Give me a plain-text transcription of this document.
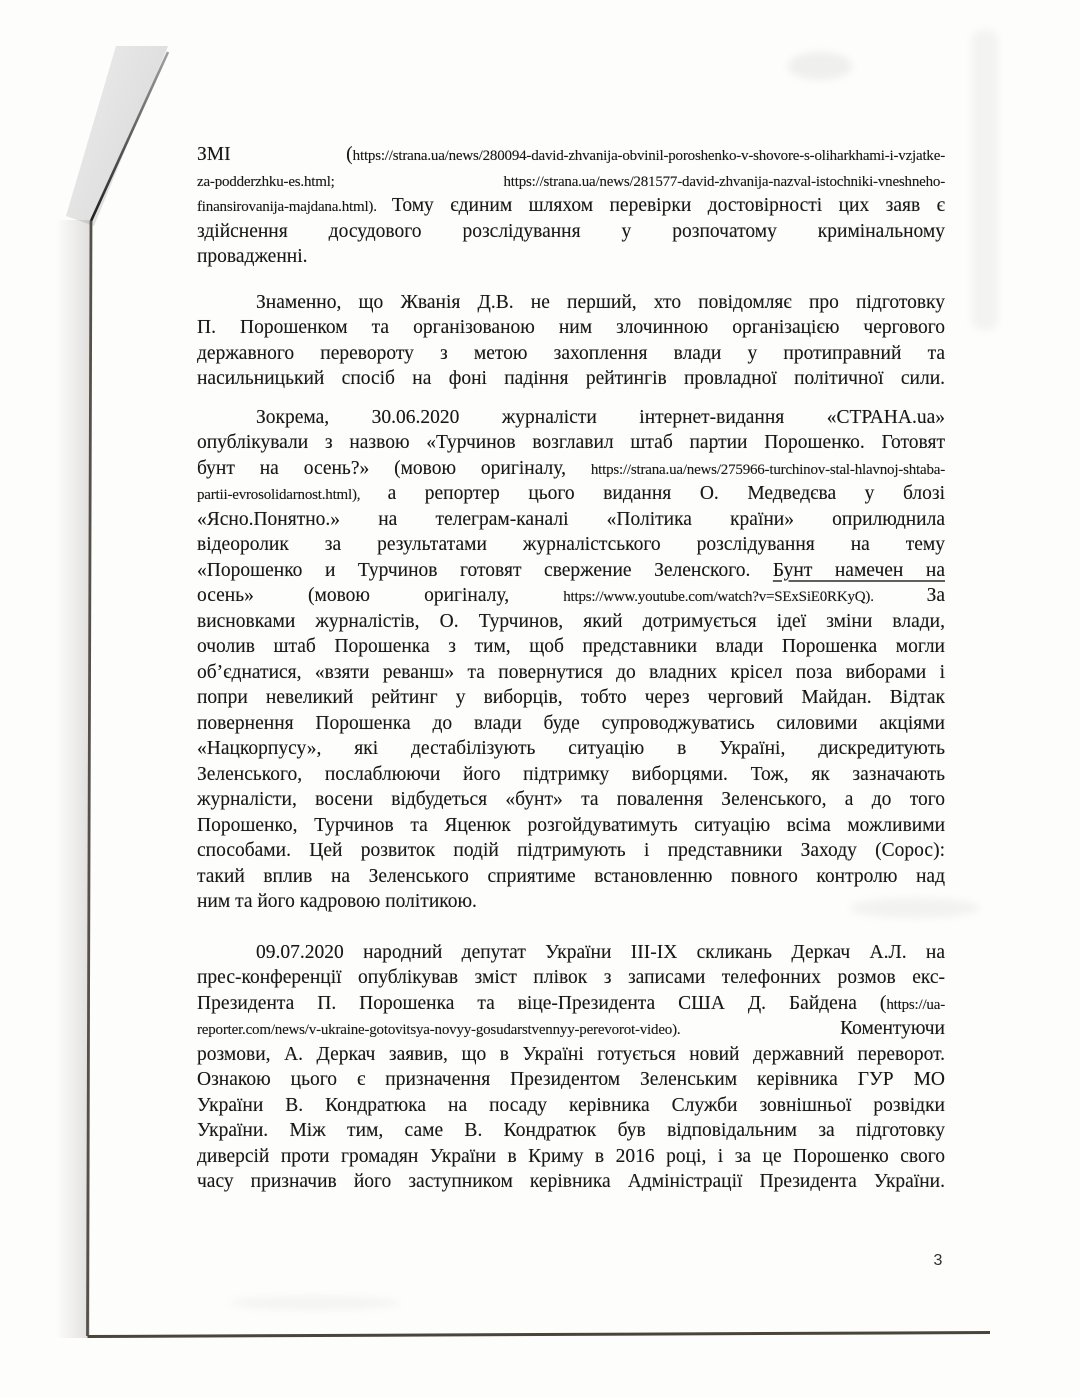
ЗМІ (https://strana.ua/news/280094-david-zhvanija-obvinil-poroshenko-v-shovore-s-oliharkhami-i-vzjatke-
za-podderzhku-es.html; https://strana.ua/news/281577-david-zhvanija-nazval-istochniki-vneshneho-
finansirovanija-majdana.html). Тому єдиним шляхом перевірки достовірності цих заяв є
здійснення досудового розслідування у розпочатому кримінальному
провадженні.
Знаменно, що Жванія Д.В. не перший, хто повідомляє про підготовку
П. Порошенком та організованою ним злочинною організацією чергового
державного перевороту з метою захоплення влади у протиправний та
насильницький спосіб на фоні падіння рейтингів провладної політичної сили.
Зокрема, 30.06.2020 журналісти інтернет-видання «СТРАНА.ua»
опублікували з назвою «Турчинов возглавил штаб партии Порошенко. Готовят
бунт на осень?» (мовою оригіналу, https://strana.ua/news/275966-turchinov-stal-hlavnoj-shtaba-
partii-evrosolidarnost.html), а репортер цього видання О. Медведєва у блозі
«Ясно.Понятно.» на телеграм-каналі «Політика країни» оприлюднила
відеоролик за результатами журналістського розслідування на тему
«Порошенко и Турчинов готовят свержение Зеленского. Бунт намечен на
осень» (мовою оригіналу, https://www.youtube.com/watch?v=SExSiE0RKyQ). За
висновками журналістів, О. Турчинов, який дотримується ідеї зміни влади,
очолив штаб Порошенка з тим, щоб представники влади Порошенка могли
об’єднатися, «взяти реванш» та повернутися до владних крісел поза виборами і
попри невеликий рейтинг у виборців, тобто через черговий Майдан. Відтак
повернення Порошенка до влади буде супроводжуватись силовими акціями
«Нацкорпусу», які дестабілізують ситуацію в Україні, дискредитують
Зеленського, послаблюючи його підтримку виборцями. Тож, як зазначають
журналісти, восени відбудеться «бунт» та повалення Зеленського, а до того
Порошенко, Турчинов та Яценюк розгойдуватимуть ситуацію всіма можливими
способами. Цей розвиток подій підтримують і представники Заходу (Сорос):
такий вплив на Зеленського сприятиме встановленню повного контролю над
ним та його кадровою політикою.
09.07.2020 народний депутат України III-IX скликань Деркач А.Л. на
прес-конференції опублікував зміст плівок з записами телефонних розмов екс-
Президента П. Порошенка та віце-Президента США Д. Байдена (https://ua-
reporter.com/news/v-ukraine-gotovitsya-novyy-gosudarstvennyy-perevorot-video). Коментуючи
розмови, А. Деркач заявив, що в Україні готується новий державний переворот.
Ознакою цього є призначення Президентом Зеленським керівника ГУР МО
України В. Кондратюка на посаду керівника Служби зовнішньої розвідки
України. Між тим, саме В. Кондратюк був відповідальним за підготовку
диверсій проти громадян України в Криму в 2016 році, і за це Порошенко свого
часу призначив його заступником керівника Адміністрації Президента України.
3
